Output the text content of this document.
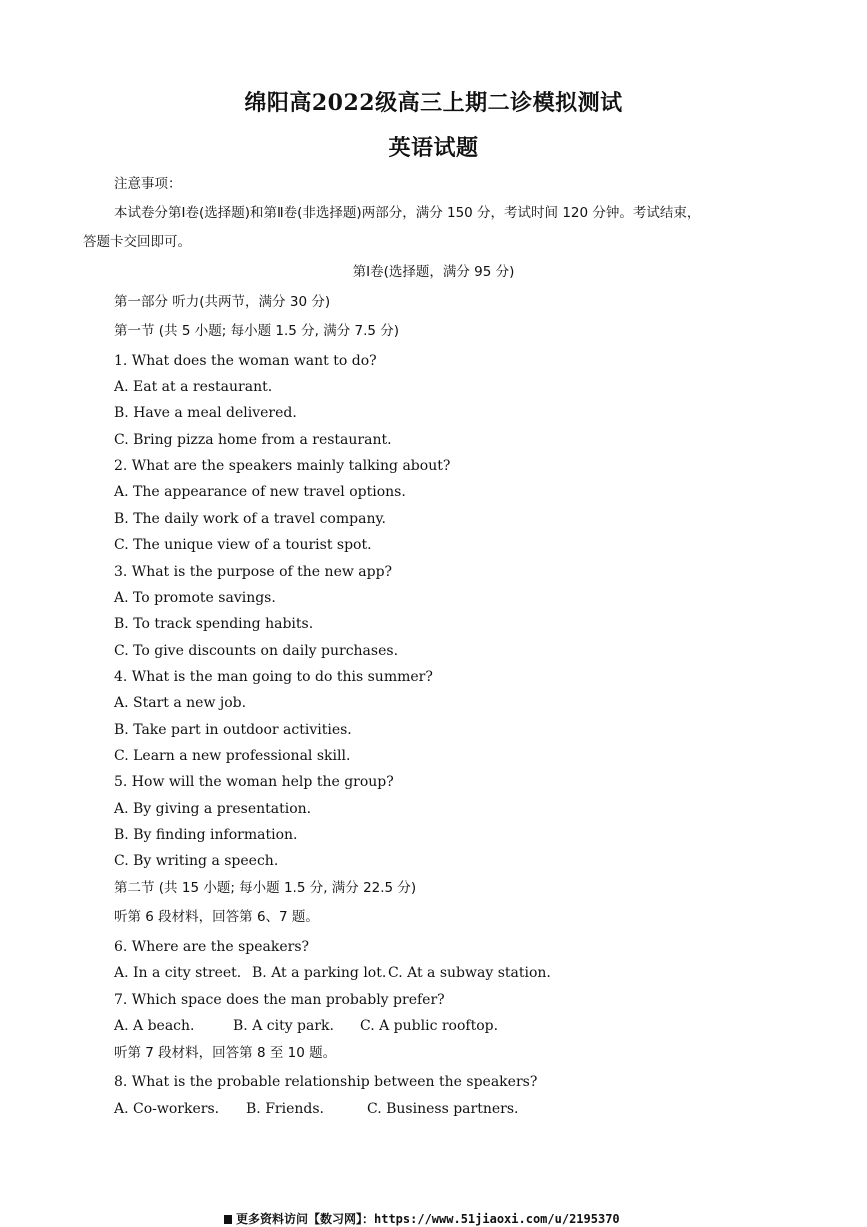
绵阳高2022级高三上期二诊模拟测试
英语试题
注意事项：
本试卷分第Ⅰ卷(选择题)和第Ⅱ卷(非选择题)两部分，满分 150 分，考试时间 120 分钟。考试结束，
答题卡交回即可。
第Ⅰ卷(选择题，满分 95 分)
第一部分 听力(共两节，满分 30 分)
第一节 (共 5 小题; 每小题 1.5 分, 满分 7.5 分)
1. What does the woman want to do?
A. Eat at a restaurant.
B. Have a meal delivered.
C. Bring pizza home from a restaurant.
2. What are the speakers mainly talking about?
A. The appearance of new travel options.
B. The daily work of a travel company.
C. The unique view of a tourist spot.
3. What is the purpose of the new app?
A. To promote savings.
B. To track spending habits.
C. To give discounts on daily purchases.
4. What is the man going to do this summer?
A. Start a new job.
B. Take part in outdoor activities.
C. Learn a new professional skill.
5. How will the woman help the group?
A. By giving a presentation.
B. By finding information.
C. By writing a speech.
第二节 (共 15 小题; 每小题 1.5 分, 满分 22.5 分)
听第 6 段材料，回答第 6、7 题。
6. Where are the speakers?
A. In a city street. B. At a parking lot. C. At a subway station.
7. Which space does the man probably prefer?
A. A beach.	B. A city park. C. A public rooftop.
听第 7 段材料，回答第 8 至 10 题。
8. What is the probable relationship between the speakers?
A. Co-workers. B. Friends.	C. Business partners.
更多资料访问【数习网】：https://www.51jiaoxi.com/u/2195370
